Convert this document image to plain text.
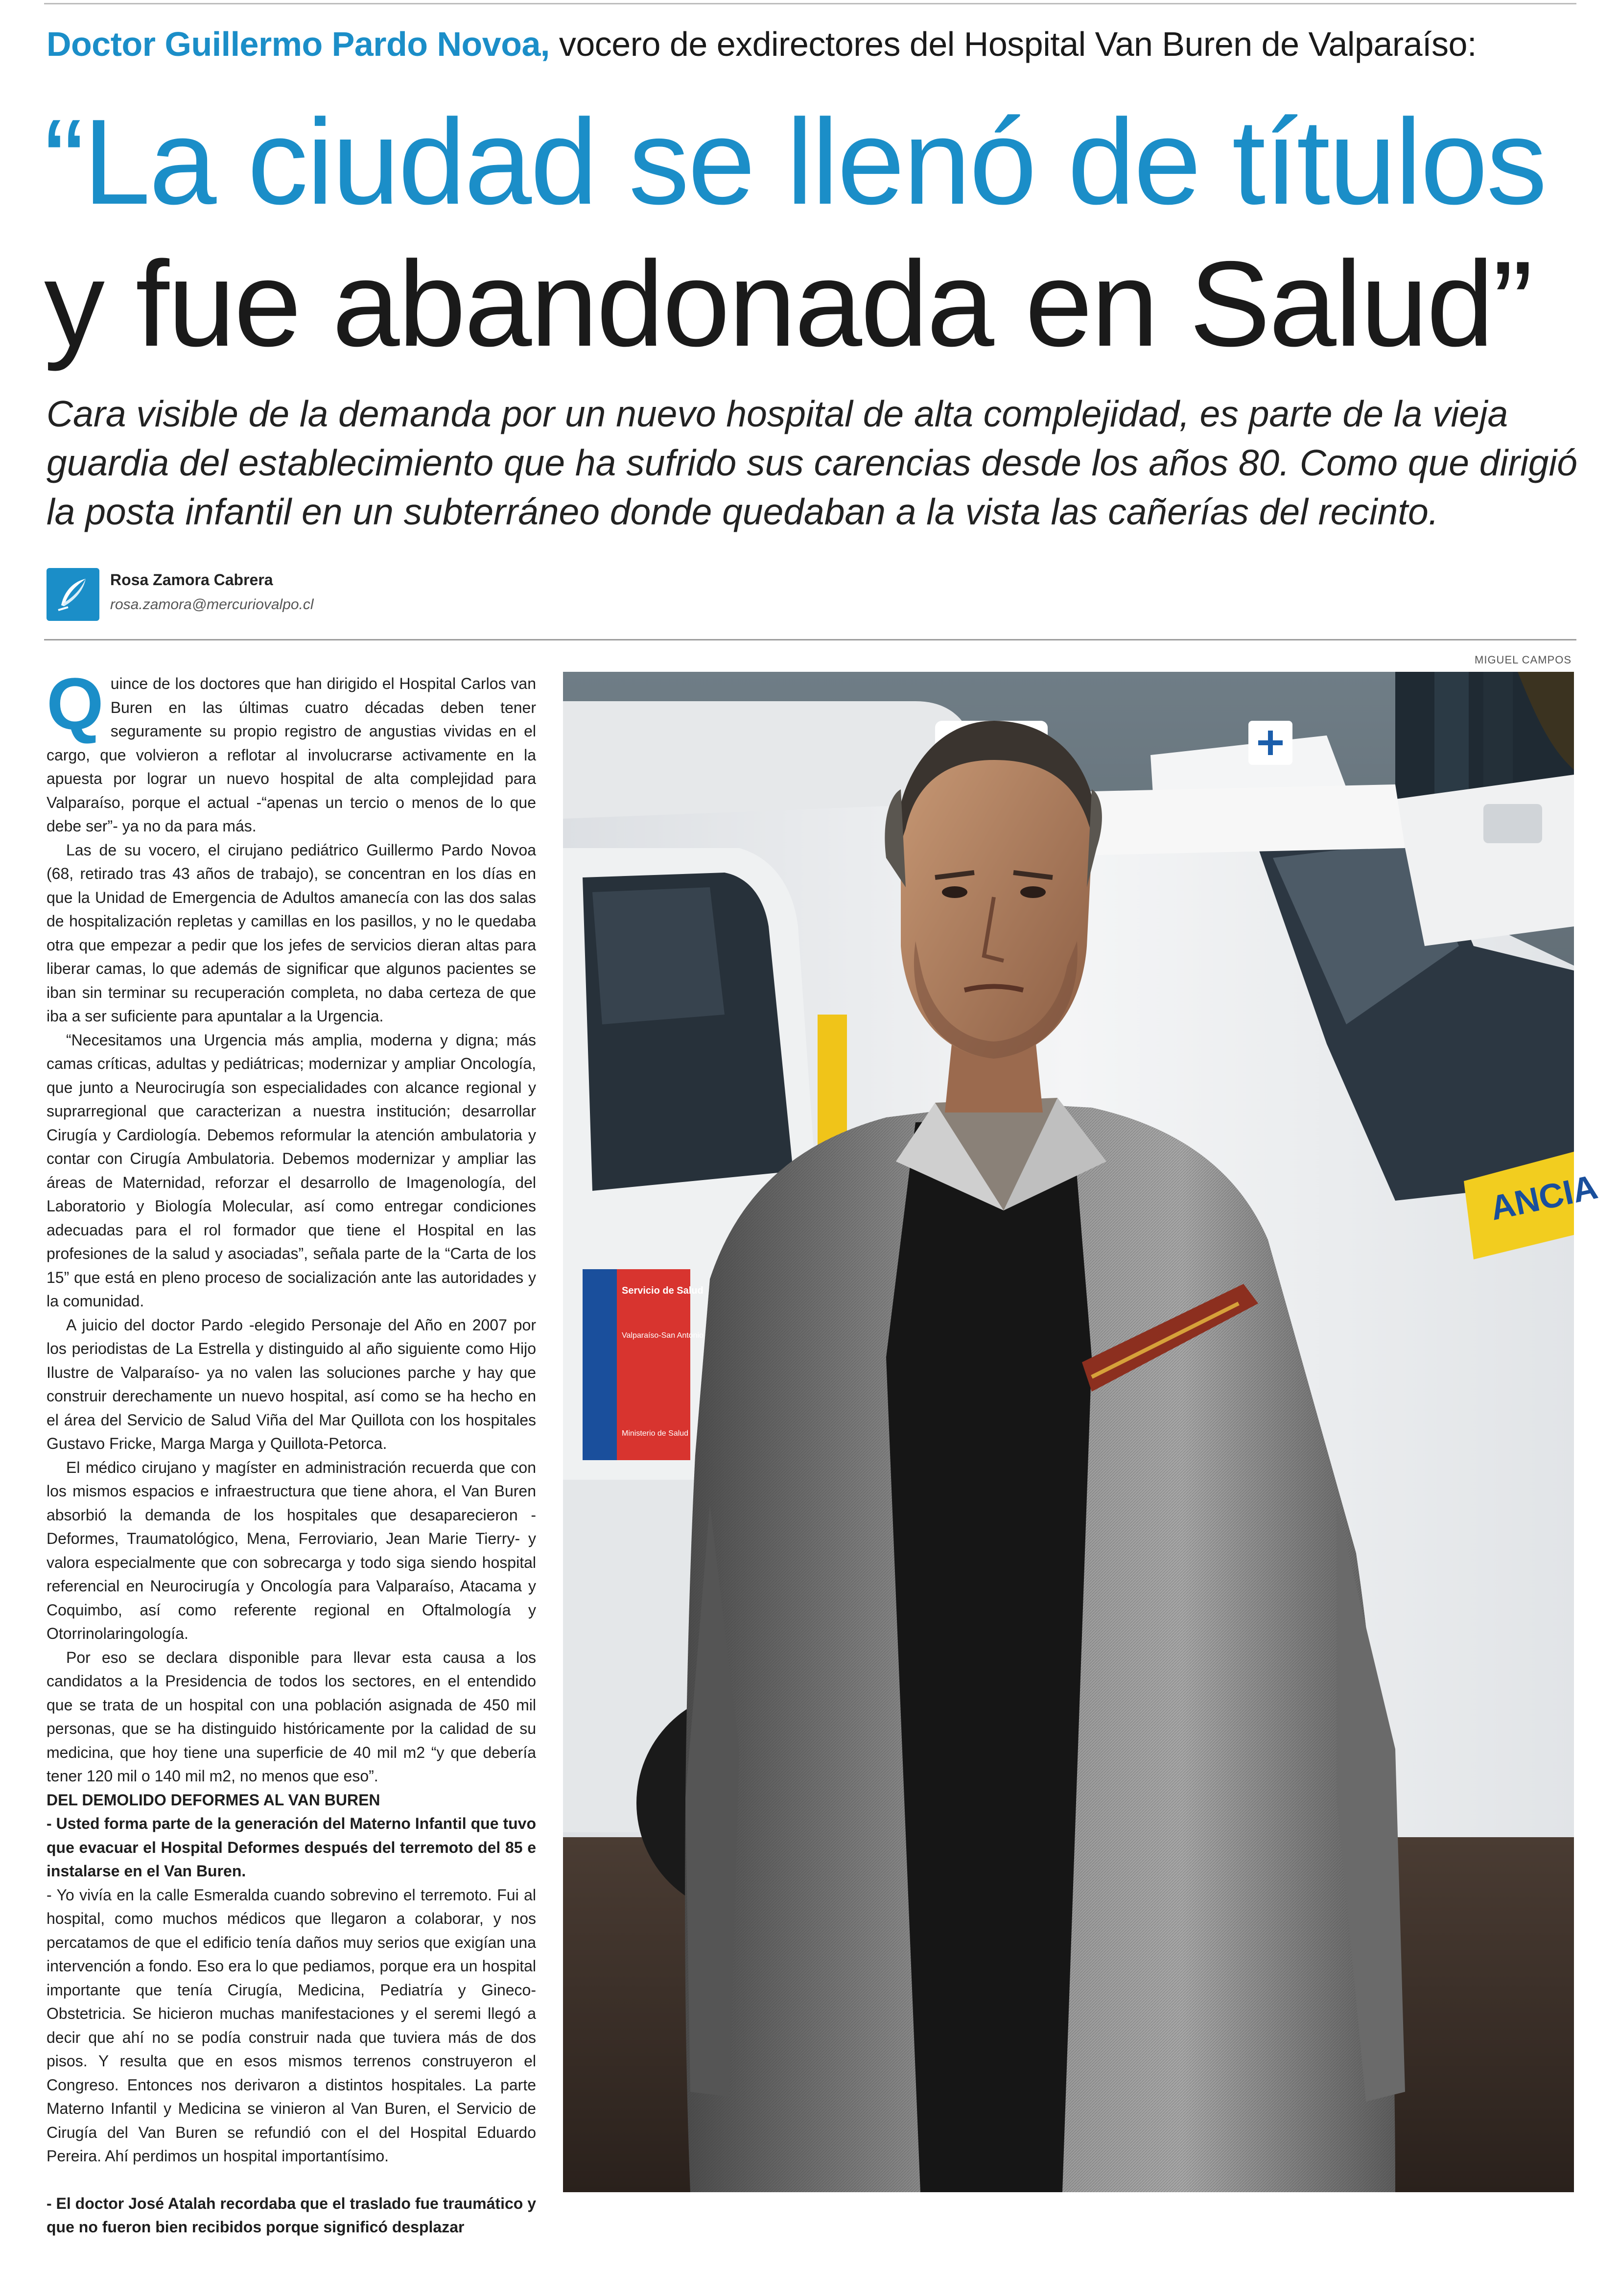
Doctor Guillermo Pardo Novoa, vocero de exdirectores del Hospital Van Buren de Valparaíso:
“La ciudad se llenó de títulos
y fue abandonada en Salud”
Cara visible de la demanda por un nuevo hospital de alta complejidad, es parte de la vieja guardia del establecimiento que ha sufrido sus carencias desde los años 80. Como que dirigió la posta infantil en un subterráneo donde quedaban a la vista las cañerías del recinto.
Rosa Zamora Cabrera
rosa.zamora@mercuriovalpo.cl
MIGUEL CAMPOS

Quince de los doctores que han dirigido el Hospital Carlos van Buren en las últimas cuatro décadas deben tener seguramente su propio registro de angustias vividas en el cargo, que volvieron a reflotar al involucrarse activamente en la apuesta por lograr un nuevo hospital de alta complejidad para Valparaíso, porque el actual -“apenas un tercio o menos de lo que debe ser”- ya no da para más.

Las de su vocero, el cirujano pediátrico Guillermo Pardo Novoa (68, retirado tras 43 años de trabajo), se concentran en los días en que la Unidad de Emergencia de Adultos amanecía con las dos salas de hospitalización repletas y camillas en los pasillos, y no le quedaba otra que empezar a pedir que los jefes de servicios dieran altas para liberar camas, lo que además de significar que algunos pacientes se iban sin terminar su recuperación completa, no daba certeza de que iba a ser suficiente para apuntalar a la Urgencia.

“Necesitamos una Urgencia más amplia, moderna y digna; más camas críticas, adultas y pediátricas; modernizar y ampliar Oncología, que junto a Neurocirugía son especialidades con alcance regional y suprarregional que caracterizan a nuestra institución; desarrollar Cirugía y Cardiología. Debemos reformular la atención ambulatoria y contar con Cirugía Ambulatoria. Debemos modernizar y ampliar las áreas de Maternidad, reforzar el desarrollo de Imagenología, del Laboratorio y Biología Molecular, así como entregar condiciones adecuadas para el rol formador que tiene el Hospital en las profesiones de la salud y asociadas”, señala parte de la “Carta de los 15” que está en pleno proceso de socialización ante las autoridades y la comunidad.

A juicio del doctor Pardo -elegido Personaje del Año en 2007 por los periodistas de La Estrella y distinguido al año siguiente como Hijo Ilustre de Valparaíso- ya no valen las soluciones parche y hay que construir derechamente un nuevo hospital, así como se ha hecho en el área del Servicio de Salud Viña del Mar Quillota con los hospitales Gustavo Fricke, Marga Marga y Quillota-Petorca.

El médico cirujano y magíster en administración recuerda que con los mismos espacios e infraestructura que tiene ahora, el Van Buren absorbió la demanda de los hospitales que desaparecieron - Deformes, Traumatológico, Mena, Ferroviario, Jean Marie Tierry- y valora especialmente que con sobrecarga y todo siga siendo hospital referencial en Neurocirugía y Oncología para Valparaíso, Atacama y Coquimbo, así como referente regional en Oftalmología y Otorrinolaringología.

Por eso se declara disponible para llevar esta causa a los candidatos a la Presidencia de todos los sectores, en el entendido que se trata de un hospital con una población asignada de 450 mil personas, que se ha distinguido históricamente por la calidad de su medicina, que hoy tiene una superficie de 40 mil m2 “y que debería tener 120 mil o 140 mil m2, no menos que eso”.

DEL DEMOLIDO DEFORMES AL VAN BUREN

- Usted forma parte de la generación del Materno Infantil que tuvo que evacuar el Hospital Deformes después del terremoto del 85 e instalarse en el Van Buren.

- Yo vivía en la calle Esmeralda cuando sobrevino el terremoto. Fui al hospital, como muchos médicos que llegaron a colaborar, y nos percatamos de que el edificio tenía daños muy serios que exigían una intervención a fondo. Eso era lo que pediamos, porque era un hospital importante que tenía Cirugía, Medicina, Pediatría y Gineco-Obstetricia. Se hicieron muchas manifestaciones y el seremi llegó a decir que ahí no se podía construir nada que tuviera más de dos pisos. Y resulta que en esos mismos terrenos construyeron el Congreso. Entonces nos derivaron a distintos hospitales. La parte Materno Infantil y Medicina se vinieron al Van Buren, el Servicio de Cirugía del Van Buren se refundió con el del Hospital Eduardo Pereira. Ahí perdimos un hospital importantísimo.

- El doctor José Atalah recordaba que el traslado fue traumático y que no fueron bien recibidos porque significó desplazar

ANCIA
Servicio de Salud
Valparaíso-San Antonio
Ministerio de Salud
